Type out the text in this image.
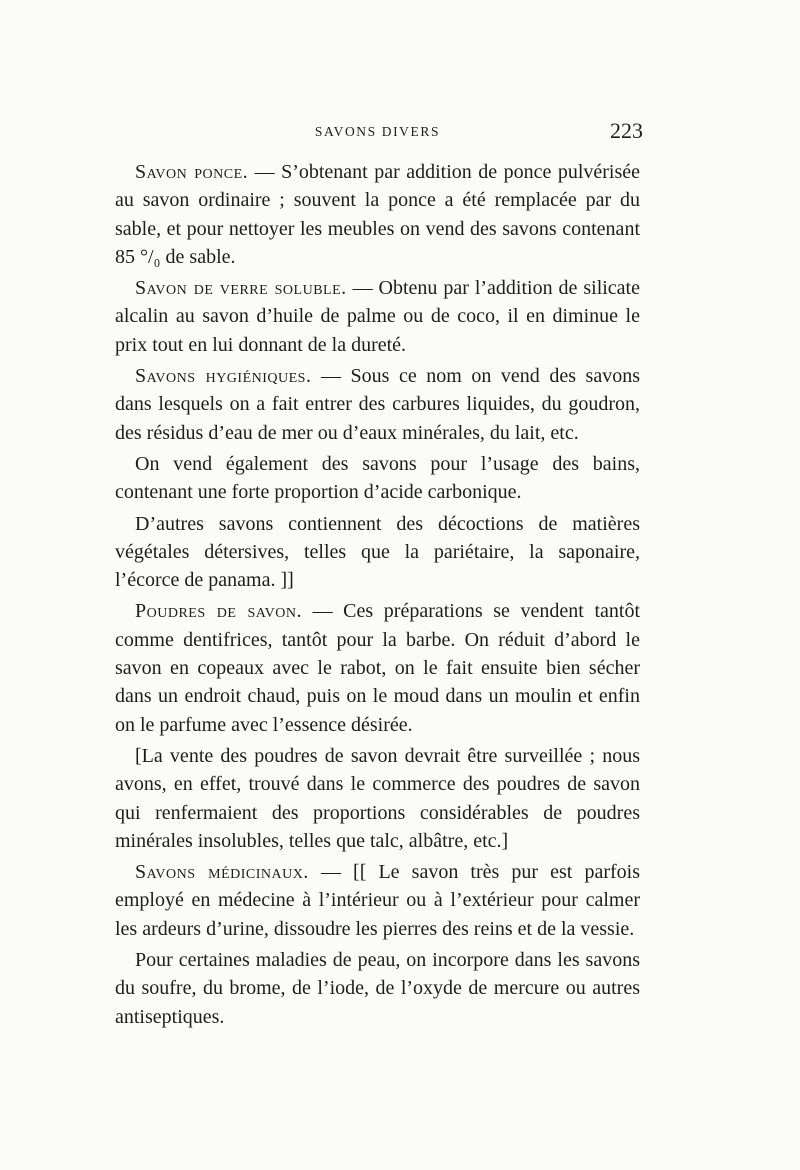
SAVONS DIVERS	223

Savon ponce. — S’obtenant par addition de ponce pulvérisée au savon ordinaire ; souvent la ponce a été remplacée par du sable, et pour nettoyer les meubles on vend des savons contenant 85 °/₀ de sable.

Savon de verre soluble. — Obtenu par l’addition de silicate alcalin au savon d’huile de palme ou de coco, il en diminue le prix tout en lui donnant de la dureté.

Savons hygiéniques. — Sous ce nom on vend des savons dans lesquels on a fait entrer des carbures liquides, du goudron, des résidus d’eau de mer ou d’eaux minérales, du lait, etc.

On vend également des savons pour l’usage des bains, contenant une forte proportion d’acide carbonique.

D’autres savons contiennent des décoctions de matières végétales détersives, telles que la pariétaire, la saponaire, l’écorce de panama. ]]

Poudres de savon. — Ces préparations se vendent tantôt comme dentifrices, tantôt pour la barbe. On réduit d’abord le savon en copeaux avec le rabot, on le fait ensuite bien sécher dans un endroit chaud, puis on le moud dans un moulin et enfin on le parfume avec l’essence désirée.

[La vente des poudres de savon devrait être surveillée ; nous avons, en effet, trouvé dans le commerce des poudres de savon qui renfermaient des proportions considérables de poudres minérales insolubles, telles que talc, albâtre, etc.]

Savons médicinaux. — [[ Le savon très pur est parfois employé en médecine à l’intérieur ou à l’extérieur pour calmer les ardeurs d’urine, dissoudre les pierres des reins et de la vessie.

Pour certaines maladies de peau, on incorpore dans les savons du soufre, du brome, de l’iode, de l’oxyde de mercure ou autres antiseptiques.
